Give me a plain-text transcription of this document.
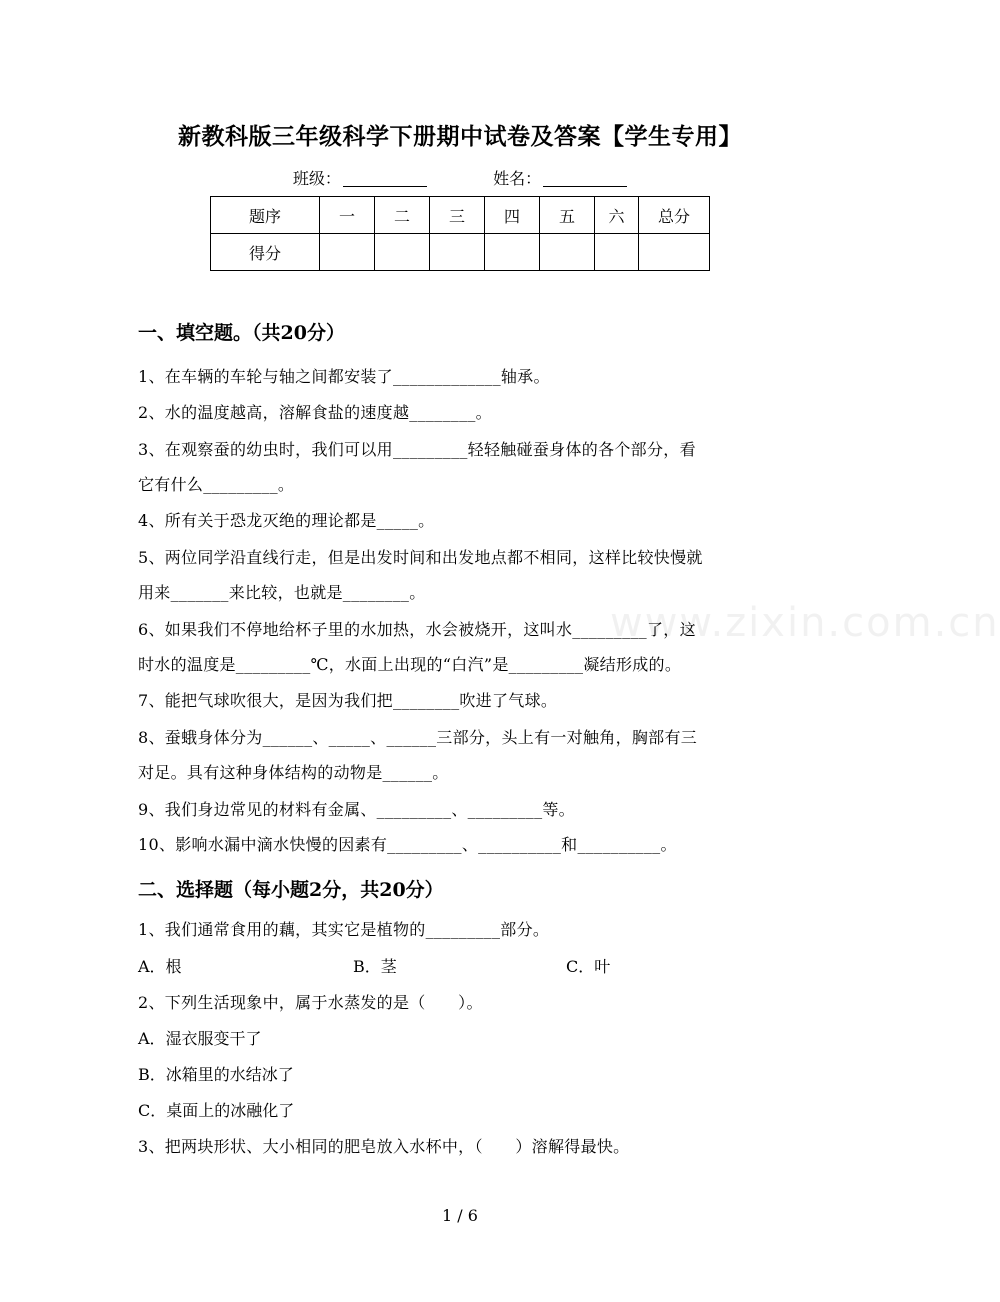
www.zixin.com.cn
新教科版三年级科学下册期中试卷及答案【学生专用】
班级：	姓名：
题序	一	二	三	四	五	六	总分
得分							
一、填空题。（共20分）
1、在车辆的车轮与轴之间都安装了_____________轴承。
2、水的温度越高，溶解食盐的速度越________。
3、在观察蚕的幼虫时，我们可以用_________轻轻触碰蚕身体的各个部分，看
它有什么_________。
4、所有关于恐龙灭绝的理论都是_____。
5、两位同学沿直线行走，但是出发时间和出发地点都不相同，这样比较快慢就
用来_______来比较，也就是________。
6、如果我们不停地给杯子里的水加热，水会被烧开，这叫水_________了，这
时水的温度是_________℃，水面上出现的“白汽”是_________凝结形成的。
7、能把气球吹很大，是因为我们把________吹进了气球。
8、蚕蛾身体分为______、_____、______三部分，头上有一对触角，胸部有三
对足。具有这种身体结构的动物是______。
9、我们身边常见的材料有金属、_________、_________等。
10、影响水漏中滴水快慢的因素有_________、__________和__________。
二、选择题（每小题2分，共20分）
1、我们通常食用的藕，其实它是植物的_________部分。
A．根	B．茎	C．叶
2、下列生活现象中，属于水蒸发的是（　　）。
A．湿衣服变干了
B．冰箱里的水结冰了
C．桌面上的冰融化了
3、把两块形状、大小相同的肥皂放入水杯中，（　　）溶解得最快。
1 / 6
